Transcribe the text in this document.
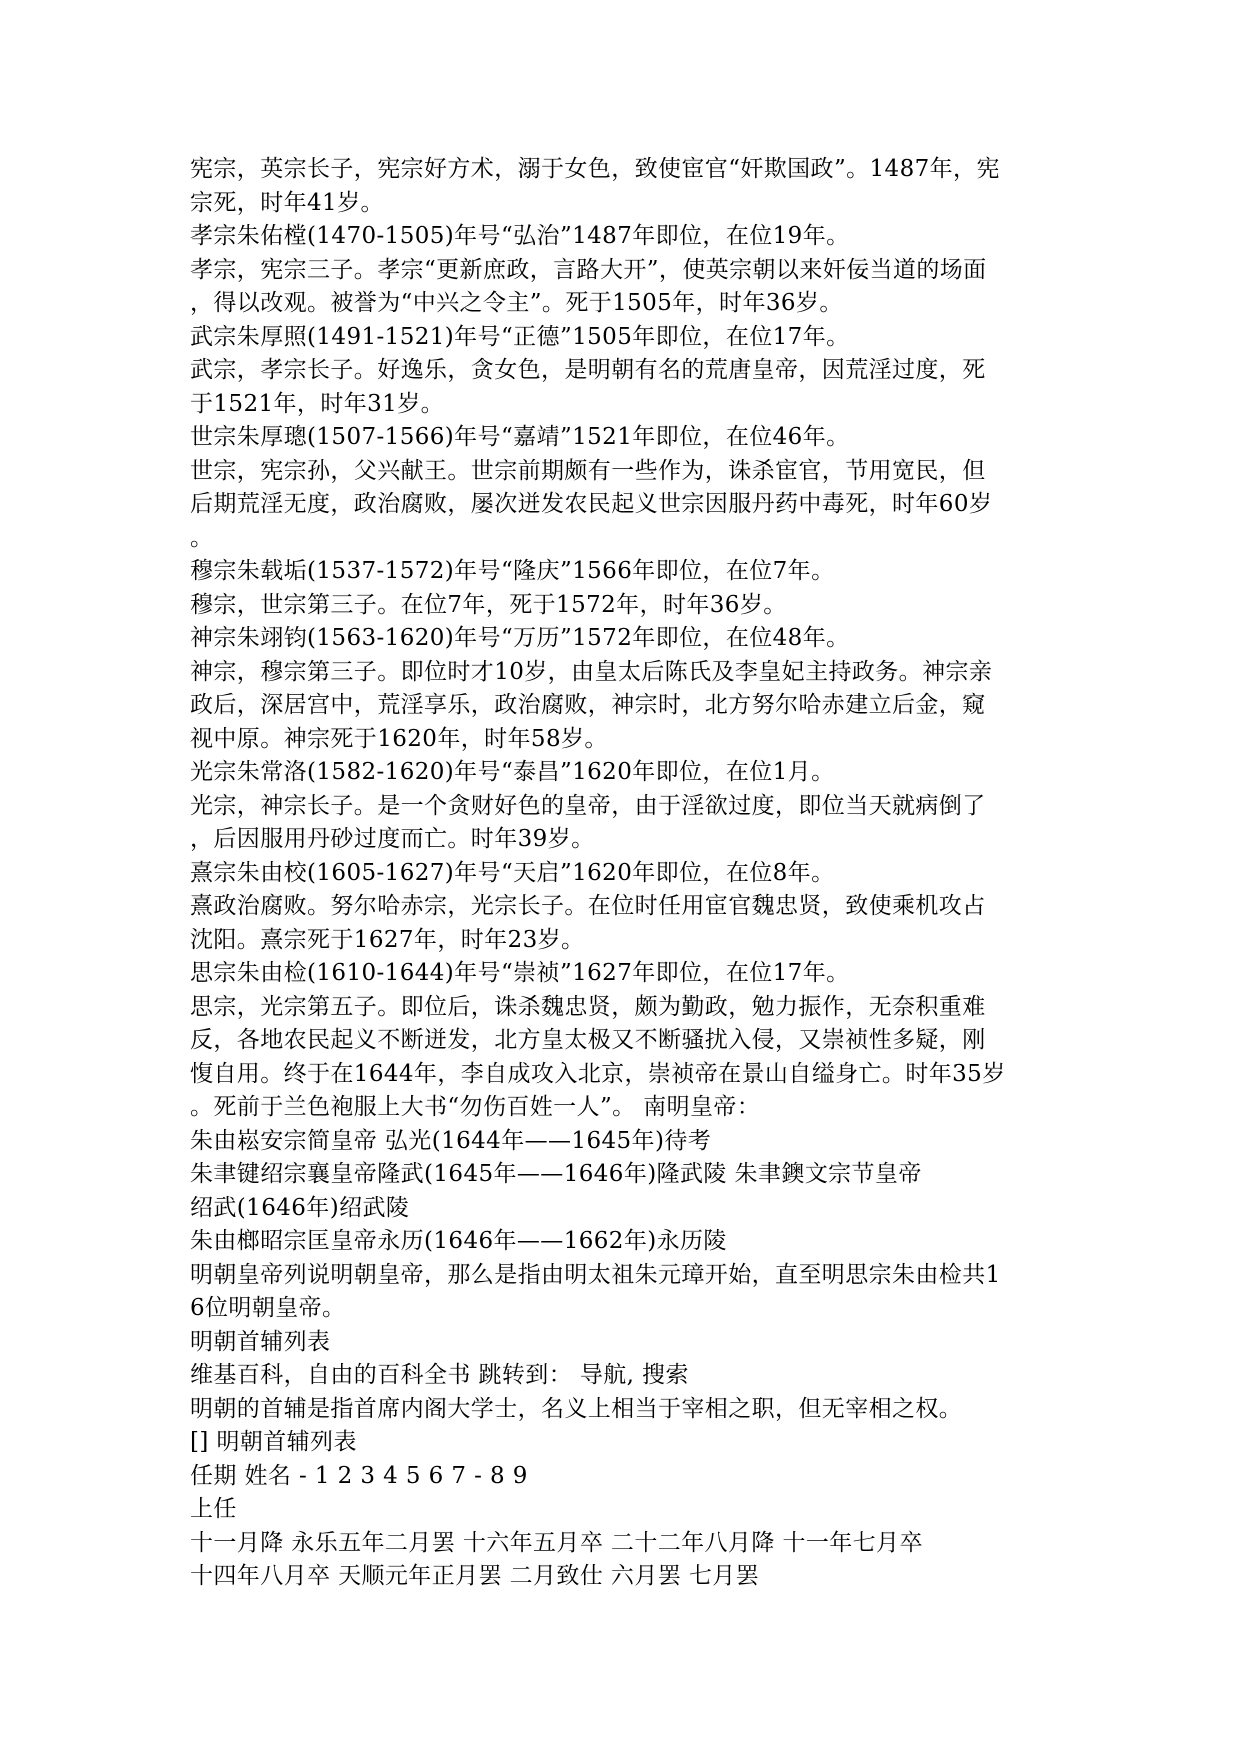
宪宗，英宗长子，宪宗好方术，溺于女色，致使宦官“奸欺国政”。1487年，宪
宗死，时年41岁。
孝宗朱佑樘(1470-1505)年号“弘治”1487年即位，在位19年。
孝宗，宪宗三子。孝宗“更新庶政，言路大开”，使英宗朝以来奸佞当道的场面
，得以改观。被誉为“中兴之令主”。死于1505年，时年36岁。
武宗朱厚照(1491-1521)年号“正德”1505年即位，在位17年。
武宗，孝宗长子。好逸乐，贪女色，是明朝有名的荒唐皇帝，因荒淫过度，死
于1521年，时年31岁。
世宗朱厚璁(1507-1566)年号“嘉靖”1521年即位，在位46年。
世宗，宪宗孙，父兴献王。世宗前期颇有一些作为，诛杀宦官，节用宽民，但
后期荒淫无度，政治腐败，屡次迸发农民起义世宗因服丹药中毒死，时年60岁
。
穆宗朱载垢(1537-1572)年号“隆庆”1566年即位，在位7年。
穆宗，世宗第三子。在位7年，死于1572年，时年36岁。
神宗朱翊钧(1563-1620)年号“万历”1572年即位，在位48年。
神宗，穆宗第三子。即位时才10岁，由皇太后陈氏及李皇妃主持政务。神宗亲
政后，深居宫中，荒淫享乐，政治腐败，神宗时，北方努尔哈赤建立后金，窥
视中原。神宗死于1620年，时年58岁。
光宗朱常洛(1582-1620)年号“泰昌”1620年即位，在位1月。
光宗，神宗长子。是一个贪财好色的皇帝，由于淫欲过度，即位当天就病倒了
，后因服用丹砂过度而亡。时年39岁。
熹宗朱由校(1605-1627)年号“天启”1620年即位，在位8年。
熹政治腐败。努尔哈赤宗，光宗长子。在位时任用宦官魏忠贤，致使乘机攻占
沈阳。熹宗死于1627年，时年23岁。
思宗朱由检(1610-1644)年号“崇祯”1627年即位，在位17年。
思宗，光宗第五子。即位后，诛杀魏忠贤，颇为勤政，勉力振作，无奈积重难
反，各地农民起义不断迸发，北方皇太极又不断骚扰入侵，又崇祯性多疑，刚
愎自用。终于在1644年，李自成攻入北京，崇祯帝在景山自缢身亡。时年35岁
。死前于兰色袍服上大书“勿伤百姓一人”。 南明皇帝：
朱由崧安宗简皇帝 弘光(1644年——1645年)待考
朱聿键绍宗襄皇帝隆武(1645年——1646年)隆武陵 朱聿鐭文宗节皇帝
绍武(1646年)绍武陵
朱由榔昭宗匡皇帝永历(1646年——1662年)永历陵
明朝皇帝列说明朝皇帝，那么是指由明太祖朱元璋开始，直至明思宗朱由检共1
6位明朝皇帝。
明朝首辅列表
维基百科，自由的百科全书 跳转到： 导航, 搜索
明朝的首辅是指首席内阁大学士，名义上相当于宰相之职，但无宰相之权。
[] 明朝首辅列表
任期 姓名 - 1 2 3 4 5 6 7 - 8 9
上任
十一月降 永乐五年二月罢 十六年五月卒 二十二年八月降 十一年七月卒
十四年八月卒 天顺元年正月罢 二月致仕 六月罢 七月罢
